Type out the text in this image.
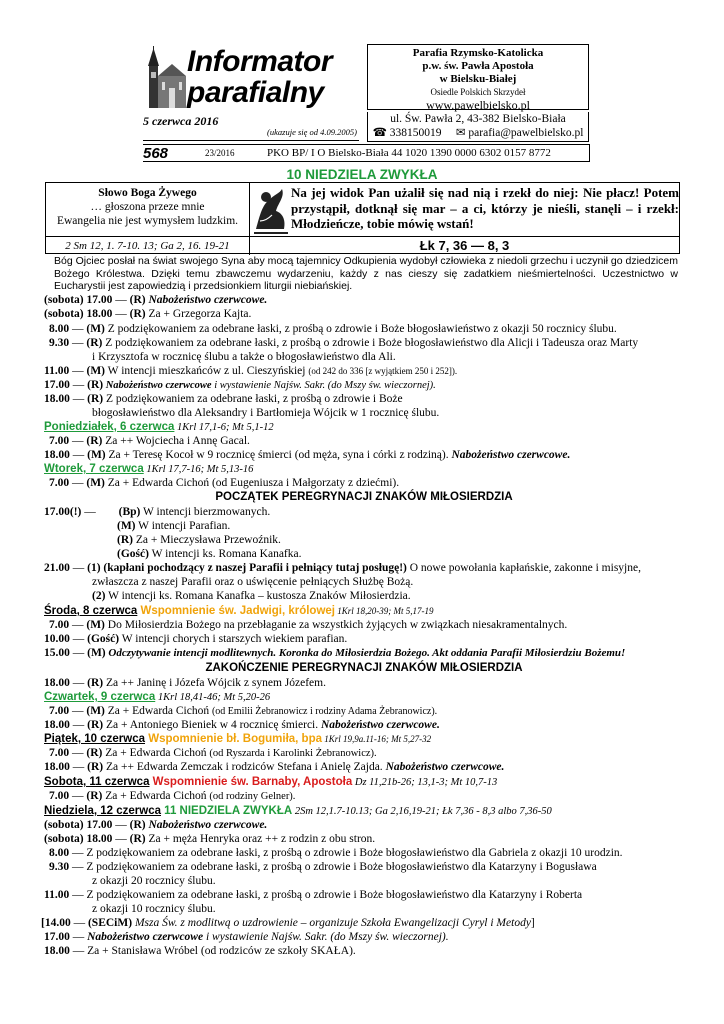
Informator
parafialny
Parafia Rzymsko-Katolicka
p.w. św. Pawła Apostoła
w Bielsku-Białej
Osiedle Polskich Skrzydeł
www.pawelbielsko.pl
5 czerwca 2016
(ukazuje się od 4.09.2005)
ul. Św. Pawła 2, 43-382 Bielsko-Biała
☎ 338150019 ✉ parafia@pawelbielsko.pl
568	23/2016	PKO BP/ I O Bielsko-Biała 44 1020 1390 0000 6302 0157 8772
10 NIEDZIELA ZWYKŁA
Słowo Boga Żywego
… głoszona przeze mnie
Ewangelia nie jest wymysłem ludzkim.
Na jej widok Pan użalił się nad nią i rzekł do niej: Nie płacz! Potem przystąpił, dotknął się mar – a ci, którzy je nieśli, stanęli – i rzekł: Młodzieńcze, tobie mówię wstań!
2 Sm 12, 1. 7-10. 13; Ga 2, 16. 19-21	Łk 7, 36 — 8, 3
Bóg Ojciec posłał na świat swojego Syna aby mocą tajemnicy Odkupienia wydobył człowieka z niedoli grzechu i uczynił go dziedzicem Bożego Królestwa. Dzięki temu zbawczemu wydarzeniu, każdy z nas cieszy się zadatkiem nieśmiertelności. Uczestnictwo w Eucharystii jest zapowiedzią i przedsionkiem liturgii niebiańskiej.
(sobota) 17.00 — (R) Nabożeństwo czerwcowe.
(sobota) 18.00 — (R) Za + Grzegorza Kajta.
8.00 — (M) Z podziękowaniem za odebrane łaski, z prośbą o zdrowie i Boże błogosławieństwo z okazji 50 rocznicy ślubu.
9.30 — (R) Z podziękowaniem za odebrane łaski, z prośbą o zdrowie i Boże błogosławieństwo dla Alicji i Tadeusza oraz Marty
i Krzysztofa w rocznicę ślubu a także o błogosławieństwo dla Ali.
11.00 — (M) W intencji mieszkańców z ul. Cieszyńskiej (od 242 do 336 [z wyjątkiem 250 i 252]).
17.00 — (R) Nabożeństwo czerwcowe i wystawienie Najśw. Sakr. (do Mszy św. wieczornej).
18.00 — (R) Z podziękowaniem za odebrane łaski, z prośbą o zdrowie i Boże
błogosławieństwo dla Aleksandry i Bartłomieja Wójcik w 1 rocznicę ślubu.
Poniedziałek, 6 czerwca 1Krl 17,1-6; Mt 5,1-12
7.00 — (R) Za ++ Wojciecha i Annę Gacal.
18.00 — (M) Za + Teresę Kocoł w 9 rocznicę śmierci (od męża, syna i córki z rodziną). Nabożeństwo czerwcowe.
Wtorek, 7 czerwca 1Krl 17,7-16; Mt 5,13-16
7.00 — (M) Za + Edwarda Cichoń (od Eugeniusza i Małgorzaty z dziećmi).
POCZĄTEK PEREGRYNACJI ZNAKÓW MIŁOSIERDZIA
17.00(!) — (Bp) W intencji bierzmowanych.
(M) W intencji Parafian.
(R) Za + Mieczysława Przewoźnik.
(Gość) W intencji ks. Romana Kanafka.
21.00 — (1) (kapłani pochodzący z naszej Parafii i pełniący tutaj posługę!) O nowe powołania kapłańskie, zakonne i misyjne,
zwłaszcza z naszej Parafii oraz o uświęcenie pełniących Służbę Bożą.
(2) W intencji ks. Romana Kanafka – kustosza Znaków Miłosierdzia.
Środa, 8 czerwca Wspomnienie św. Jadwigi, królowej 1Krl 18,20-39; Mt 5,17-19
7.00 — (M) Do Miłosierdzia Bożego na przebłaganie za wszystkich żyjących w związkach niesakramentalnych.
10.00 — (Gość) W intencji chorych i starszych wiekiem parafian.
15.00 — (M) Odczytywanie intencji modlitewnych. Koronka do Miłosierdzia Bożego. Akt oddania Parafii Miłosierdziu Bożemu!
ZAKOŃCZENIE PEREGRYNACJI ZNAKÓW MIŁOSIERDZIA
18.00 — (R) Za ++ Janinę i Józefa Wójcik z synem Józefem.
Czwartek, 9 czerwca 1Krl 18,41-46; Mt 5,20-26
7.00 — (M) Za + Edwarda Cichoń (od Emilii Żebranowicz i rodziny Adama Żebranowicz).
18.00 — (R) Za + Antoniego Bieniek w 4 rocznicę śmierci. Nabożeństwo czerwcowe.
Piątek, 10 czerwca Wspomnienie bł. Bogumiła, bpa 1Krl 19,9a.11-16; Mt 5,27-32
7.00 — (R) Za + Edwarda Cichoń (od Ryszarda i Karolinki Żebranowicz).
18.00 — (R) Za ++ Edwarda Zemczak i rodziców Stefana i Anielę Zajda. Nabożeństwo czerwcowe.
Sobota, 11 czerwca Wspomnienie św. Barnaby, Apostoła Dz 11,21b-26; 13,1-3; Mt 10,7-13
7.00 — (R) Za + Edwarda Cichoń (od rodziny Gelner).
Niedziela, 12 czerwca 11 NIEDZIELA ZWYKŁA 2Sm 12,1.7-10.13; Ga 2,16,19-21; Łk 7,36 - 8,3 albo 7,36-50
(sobota) 17.00 — (R) Nabożeństwo czerwcowe.
(sobota) 18.00 — (R) Za + męża Henryka oraz ++ z rodzin z obu stron.
8.00 — Z podziękowaniem za odebrane łaski, z prośbą o zdrowie i Boże błogosławieństwo dla Gabriela z okazji 10 urodzin.
9.30 — Z podziękowaniem za odebrane łaski, z prośbą o zdrowie i Boże błogosławieństwo dla Katarzyny i Bogusława
z okazji 20 rocznicy ślubu.
11.00 — Z podziękowaniem za odebrane łaski, z prośbą o zdrowie i Boże błogosławieństwo dla Katarzyny i Roberta
z okazji 10 rocznicy ślubu.
[14.00 — (SECiM) Msza Św. z modlitwą o uzdrowienie – organizuje Szkoła Ewangelizacji Cyryl i Metody]
17.00 — Nabożeństwo czerwcowe i wystawienie Najśw. Sakr. (do Mszy św. wieczornej).
18.00 — Za + Stanisława Wróbel (od rodziców ze szkoły SKAŁA).
